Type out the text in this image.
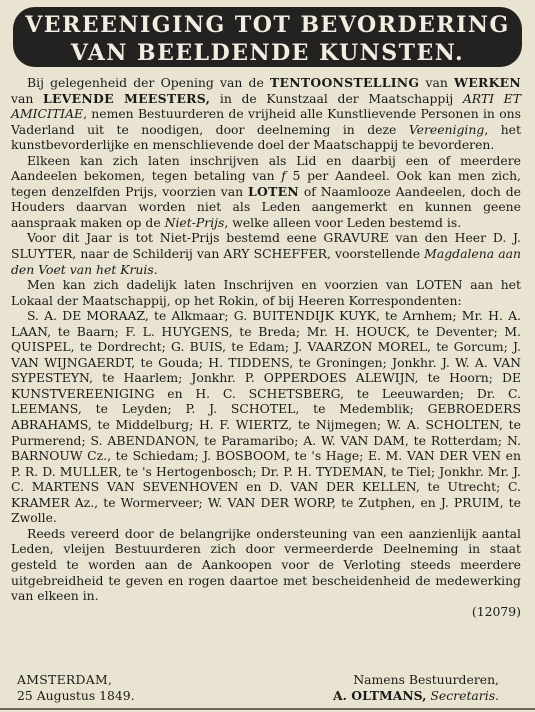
VEREENIGING TOT BEVORDERING
VAN BEELDENDE KUNSTEN.

Bij gelegenheid der Opening van de TENTOONSTELLING van WERKEN van LEVENDE MEESTERS, in de Kunstzaal der Maatschappij ARTI ET AMICITIAE, nemen Bestuurderen de vrijheid alle Kunstlievende Personen in ons Vaderland uit te noodigen, door deelneming in deze Vereeniging, het kunstbevorderlijke en menschlievende doel der Maatschappij te bevorderen.

Elkeen kan zich laten inschrijven als Lid en daarbij een of meerdere Aandeelen bekomen, tegen betaling van f 5 per Aandeel. Ook kan men zich, tegen denzelfden Prijs, voorzien van LOTEN of Naamlooze Aandeelen, doch de Houders daarvan worden niet als Leden aangemerkt en kunnen geene aanspraak maken op de Niet-Prijs, welke alleen voor Leden bestemd is.

Voor dit Jaar is tot Niet-Prijs bestemd eene GRAVURE van den Heer D. J. SLUYTER, naar de Schilderij van ARY SCHEFFER, voorstellende Magdalena aan den Voet van het Kruis.

Men kan zich dadelijk laten Inschrijven en voorzien van LOTEN aan het Lokaal der Maatschappij, op het Rokin, of bij Heeren Korrespondenten:

S. A. DE MORAAZ, te Alkmaar; G. BUITENDIJK KUYK, te Arnhem; Mr. H. A. LAAN, te Baarn; F. L. HUYGENS, te Breda; Mr. H. HOUCK, te Deventer; M. QUISPEL, te Dordrecht; G. BUIS, te Edam; J. VAARZON MOREL, te Gorcum; J. VAN WIJNGAERDT, te Gouda; H. TIDDENS, te Groningen; Jonkhr. J. W. A. VAN SYPESTEYN, te Haarlem; Jonkhr. P. OPPERDOES ALEWIJN, te Hoorn; DE KUNSTVEREENIGING en H. C. SCHETSBERG, te Leeuwarden; Dr. C. LEEMANS, te Leyden; P. J. SCHOTEL, te Medemblik; GEBROEDERS ABRAHAMS, te Middelburg; H. F. WIERTZ, te Nijmegen; W. A. SCHOLTEN, te Purmerend; S. ABENDANON, te Paramaribo; A. W. VAN DAM, te Rotterdam; N. BARNOUW Cz., te Schiedam; J. BOSBOOM, te 's Hage; E. M. VAN DER VEN en P. R. D. MULLER, te 's Hertogenbosch; Dr. P. H. TYDEMAN, te Tiel; Jonkhr. Mr. J. C. MARTENS VAN SEVENHOVEN en D. VAN DER KELLEN, te Utrecht; C. KRAMER Az., te Wormerveer; W. VAN DER WORP, te Zutphen, en J. PRUIM, te Zwolle.

Reeds vereerd door de belangrijke ondersteuning van een aanzienlijk aantal Leden, vleijen Bestuurderen zich door vermeerderde Deelneming in staat gesteld te worden aan de Aankoopen voor de Verloting steeds meerdere uitgebreidheid te geven en rogen daartoe met bescheidenheid de medewerking van elkeen in.

(12079)

AMSTERDAM,	Namens Bestuurderen,
25 Augustus 1849.	A. OLTMANS, Secretaris.
